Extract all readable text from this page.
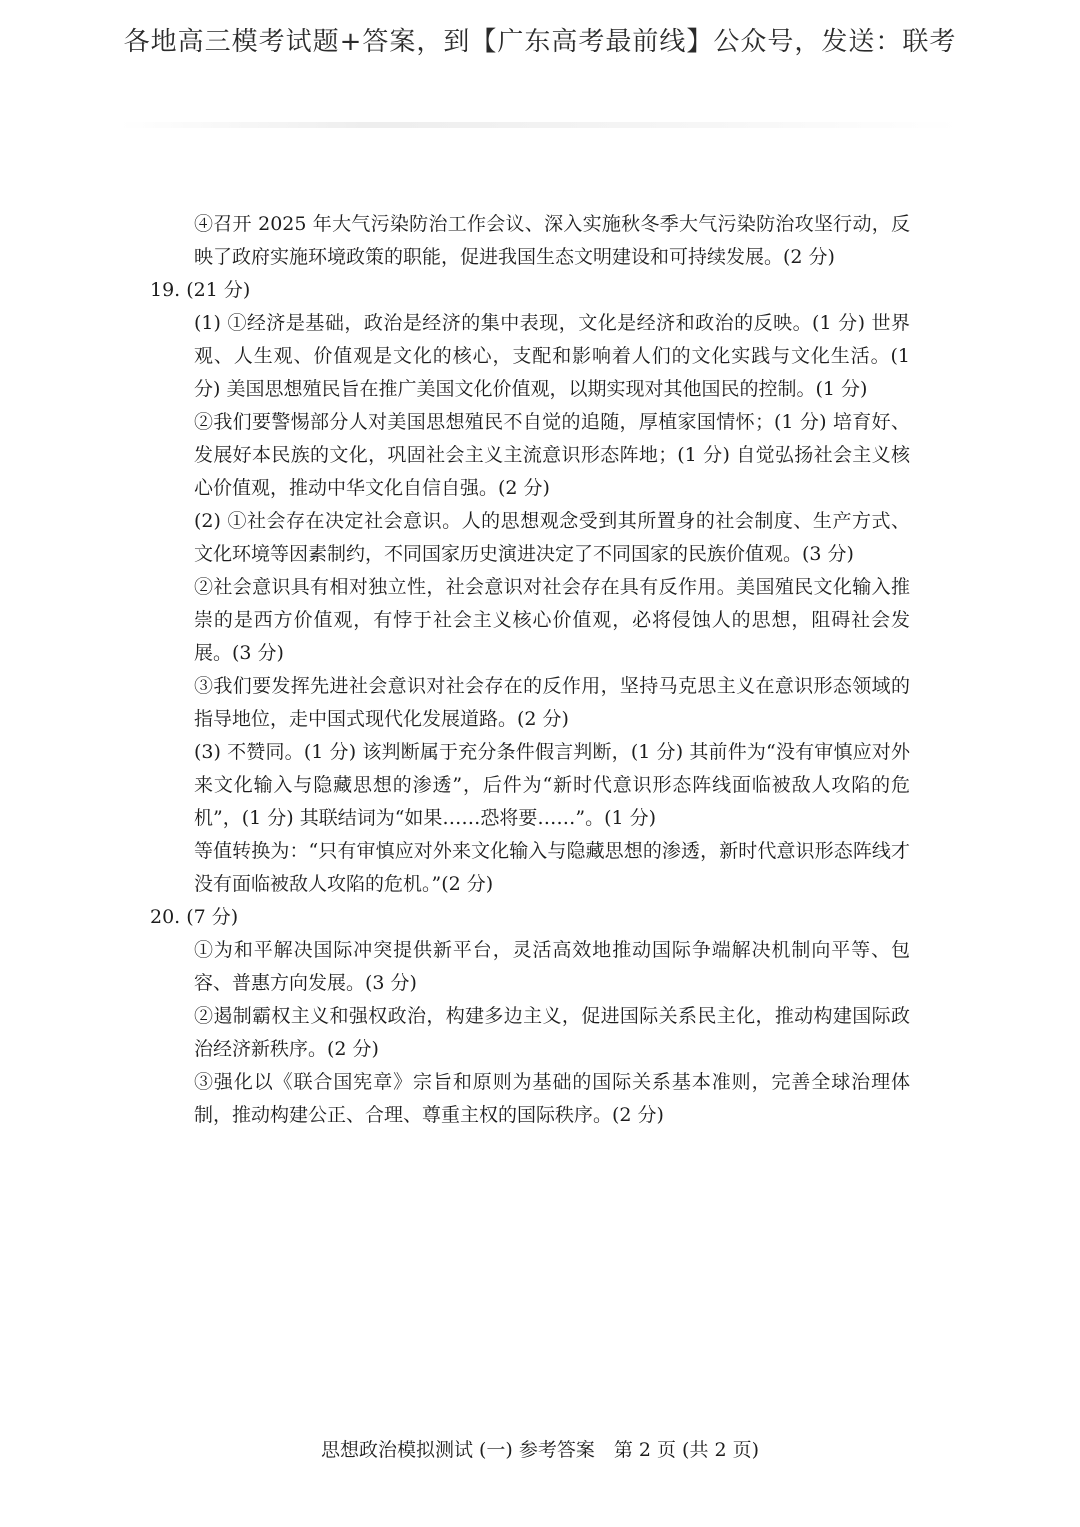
各地高三模考试题+答案，到【广东高考最前线】公众号，发送：联考

④召开 2025 年大气污染防治工作会议、深入实施秋冬季大气污染防治攻坚行动，反映了政府实施环境政策的职能，促进我国生态文明建设和可持续发展。(2 分)

19. (21 分)

(1) ①经济是基础，政治是经济的集中表现，文化是经济和政治的反映。(1 分) 世界观、人生观、价值观是文化的核心，支配和影响着人们的文化实践与文化生活。(1 分) 美国思想殖民旨在推广美国文化价值观，以期实现对其他国民的控制。(1 分)

②我们要警惕部分人对美国思想殖民不自觉的追随，厚植家国情怀；(1 分) 培育好、发展好本民族的文化，巩固社会主义主流意识形态阵地；(1 分) 自觉弘扬社会主义核心价值观，推动中华文化自信自强。(2 分)

(2) ①社会存在决定社会意识。人的思想观念受到其所置身的社会制度、生产方式、文化环境等因素制约，不同国家历史演进决定了不同国家的民族价值观。(3 分)

②社会意识具有相对独立性，社会意识对社会存在具有反作用。美国殖民文化输入推崇的是西方价值观，有悖于社会主义核心价值观，必将侵蚀人的思想，阻碍社会发展。(3 分)

③我们要发挥先进社会意识对社会存在的反作用，坚持马克思主义在意识形态领域的指导地位，走中国式现代化发展道路。(2 分)

(3) 不赞同。(1 分) 该判断属于充分条件假言判断，(1 分) 其前件为“没有审慎应对外来文化输入与隐藏思想的渗透”，后件为“新时代意识形态阵线面临被敌人攻陷的危机”，(1 分) 其联结词为“如果……恐将要……”。(1 分)

等值转换为：“只有审慎应对外来文化输入与隐藏思想的渗透，新时代意识形态阵线才没有面临被敌人攻陷的危机。”(2 分)

20. (7 分)

①为和平解决国际冲突提供新平台，灵活高效地推动国际争端解决机制向平等、包容、普惠方向发展。(3 分)

②遏制霸权主义和强权政治，构建多边主义，促进国际关系民主化，推动构建国际政治经济新秩序。(2 分)

③强化以《联合国宪章》宗旨和原则为基础的国际关系基本准则，完善全球治理体制，推动构建公正、合理、尊重主权的国际秩序。(2 分)

思想政治模拟测试 (一) 参考答案　第 2 页 (共 2 页)
